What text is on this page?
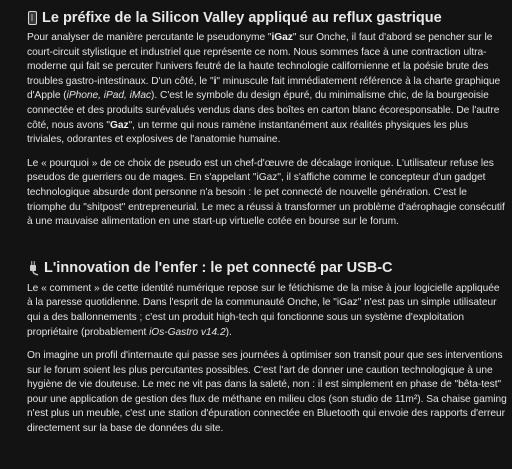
Le préfixe de la Silicon Valley appliqué au reflux gastrique

Pour analyser de manière percutante le pseudonyme "iGaz" sur Onche, il faut d'abord se pencher sur le court-circuit stylistique et industriel que représente ce nom. Nous sommes face à une contraction ultra-moderne qui fait se percuter l'univers feutré de la haute technologie californienne et la poésie brute des troubles gastro-intestinaux. D'un côté, le "i" minuscule fait immédiatement référence à la charte graphique d'Apple (iPhone, iPad, iMac). C'est le symbole du design épuré, du minimalisme chic, de la bourgeoisie connectée et des produits surévalués vendus dans des boîtes en carton blanc écoresponsable. De l'autre côté, nous avons "Gaz", un terme qui nous ramène instantanément aux réalités physiques les plus triviales, odorantes et explosives de l'anatomie humaine.

Le « pourquoi » de ce choix de pseudo est un chef-d'œuvre de décalage ironique. L'utilisateur refuse les pseudos de guerriers ou de mages. En s'appelant "iGaz", il s'affiche comme le concepteur d'un gadget technologique absurde dont personne n'a besoin : le pet connecté de nouvelle génération. C'est le triomphe du "shitpost" entrepreneurial. Le mec a réussi à transformer un problème d'aérophagie consécutif à une mauvaise alimentation en une start-up virtuelle cotée en bourse sur le forum.

L'innovation de l'enfer : le pet connecté par USB-C

Le « comment » de cette identité numérique repose sur le fétichisme de la mise à jour logicielle appliquée à la paresse quotidienne. Dans l'esprit de la communauté Onche, le "iGaz" n'est pas un simple utilisateur qui a des ballonnements ; c'est un produit high-tech qui fonctionne sous un système d'exploitation propriétaire (probablement iOs-Gastro v14.2).

On imagine un profil d'internaute qui passe ses journées à optimiser son transit pour que ses interventions sur le forum soient les plus percutantes possibles. C'est l'art de donner une caution technologique à une hygiène de vie douteuse. Le mec ne vit pas dans la saleté, non : il est simplement en phase de "bêta-test" pour une application de gestion des flux de méthane en milieu clos (son studio de 11m²). Sa chaise gaming n'est plus un meuble, c'est une station d'épuration connectée en Bluetooth qui envoie des rapports d'erreur directement sur la base de données du site.
